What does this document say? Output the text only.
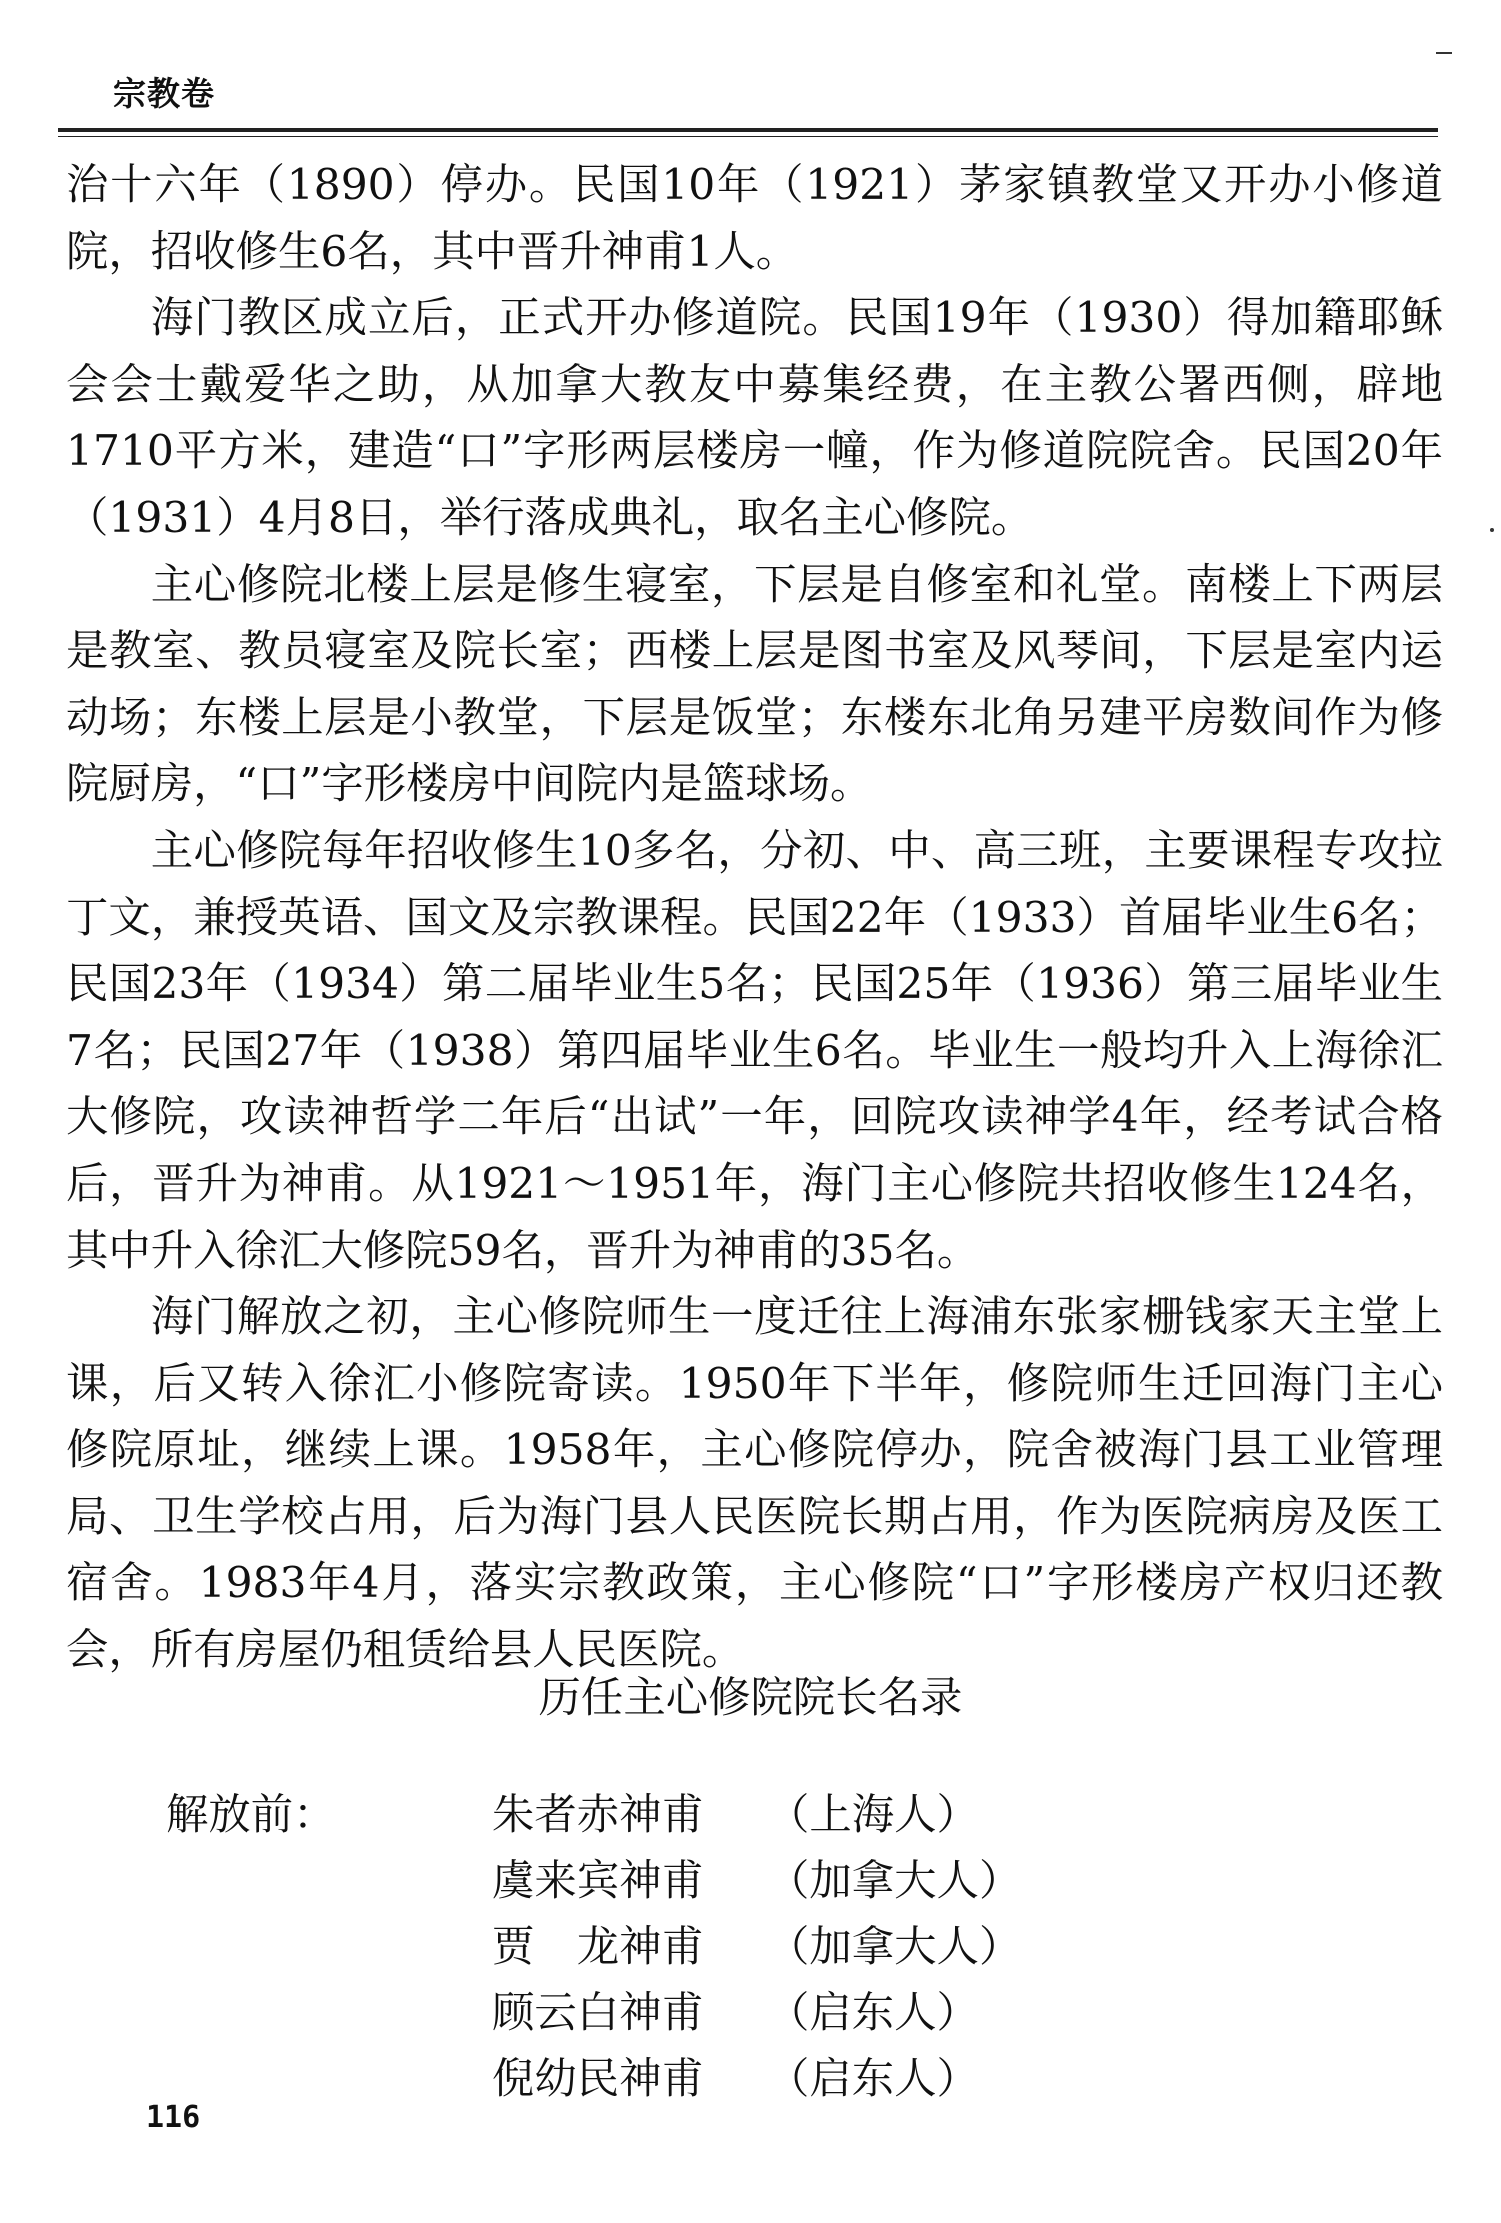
宗教卷

治十六年（1890）停办。民国10年（1921）茅家镇教堂又开办小修道院，招收修生6名，其中晋升神甫1人。

海门教区成立后，正式开办修道院。民国19年（1930）得加籍耶稣会会士戴爱华之助，从加拿大教友中募集经费，在主教公署西侧，辟地1710平方米，建造“口”字形两层楼房一幢，作为修道院院舍。民国20年（1931）4月8日，举行落成典礼，取名主心修院。

主心修院北楼上层是修生寝室，下层是自修室和礼堂。南楼上下两层是教室、教员寝室及院长室；西楼上层是图书室及风琴间，下层是室内运动场；东楼上层是小教堂，下层是饭堂；东楼东北角另建平房数间作为修院厨房，“口”字形楼房中间院内是篮球场。

主心修院每年招收修生10多名，分初、中、高三班，主要课程专攻拉丁文，兼授英语、国文及宗教课程。民国22年（1933）首届毕业生6名；民国23年（1934）第二届毕业生5名；民国25年（1936）第三届毕业生7名；民国27年（1938）第四届毕业生6名。毕业生一般均升入上海徐汇大修院，攻读神哲学二年后“出试”一年，回院攻读神学4年，经考试合格后，晋升为神甫。从1921～1951年，海门主心修院共招收修生124名，其中升入徐汇大修院59名，晋升为神甫的35名。

海门解放之初，主心修院师生一度迁往上海浦东张家栅钱家天主堂上课，后又转入徐汇小修院寄读。1950年下半年，修院师生迁回海门主心修院原址，继续上课。1958年，主心修院停办，院舍被海门县工业管理局、卫生学校占用，后为海门县人民医院长期占用，作为医院病房及医工宿舍。1983年4月，落实宗教政策，主心修院“口”字形楼房产权归还教会，所有房屋仍租赁给县人民医院。

历任主心修院院长名录
解放前：	朱者赤神甫	（上海人）
虞来宾神甫	（加拿大人）
贾　龙神甫	（加拿大人）
顾云白神甫	（启东人）
倪幼民神甫	（启东人）
116
